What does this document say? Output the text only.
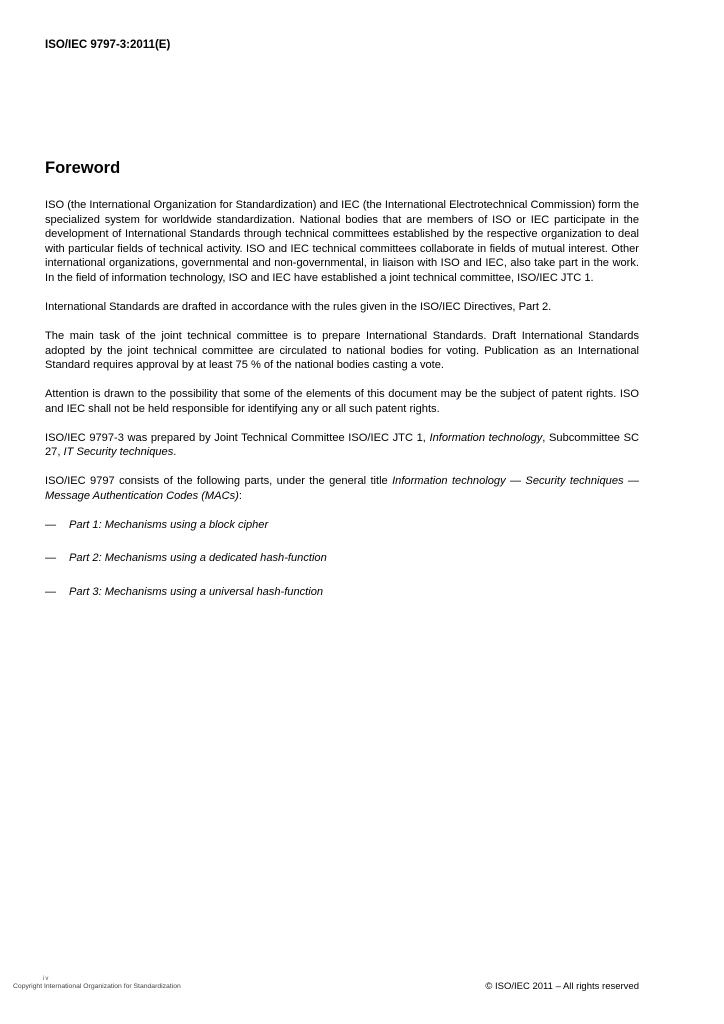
ISO/IEC 9797-3:2011(E)
Foreword

ISO (the International Organization for Standardization) and IEC (the International Electrotechnical Commission) form the specialized system for worldwide standardization. National bodies that are members of ISO or IEC participate in the development of International Standards through technical committees established by the respective organization to deal with particular fields of technical activity. ISO and IEC technical committees collaborate in fields of mutual interest. Other international organizations, governmental and non-governmental, in liaison with ISO and IEC, also take part in the work. In the field of information technology, ISO and IEC have established a joint technical committee, ISO/IEC JTC 1.

International Standards are drafted in accordance with the rules given in the ISO/IEC Directives, Part 2.

The main task of the joint technical committee is to prepare International Standards. Draft International Standards adopted by the joint technical committee are circulated to national bodies for voting. Publication as an International Standard requires approval by at least 75 % of the national bodies casting a vote.

Attention is drawn to the possibility that some of the elements of this document may be the subject of patent rights. ISO and IEC shall not be held responsible for identifying any or all such patent rights.

ISO/IEC 9797-3 was prepared by Joint Technical Committee ISO/IEC JTC 1, Information technology, Subcommittee SC 27, IT Security techniques.

ISO/IEC 9797 consists of the following parts, under the general title Information technology — Security techniques — Message Authentication Codes (MACs):

—	Part 1: Mechanisms using a block cipher
—	Part 2: Mechanisms using a dedicated hash-function
—	Part 3: Mechanisms using a universal hash-function
iv
Copyright International Organization for Standardization	© ISO/IEC 2011 – All rights reserved
